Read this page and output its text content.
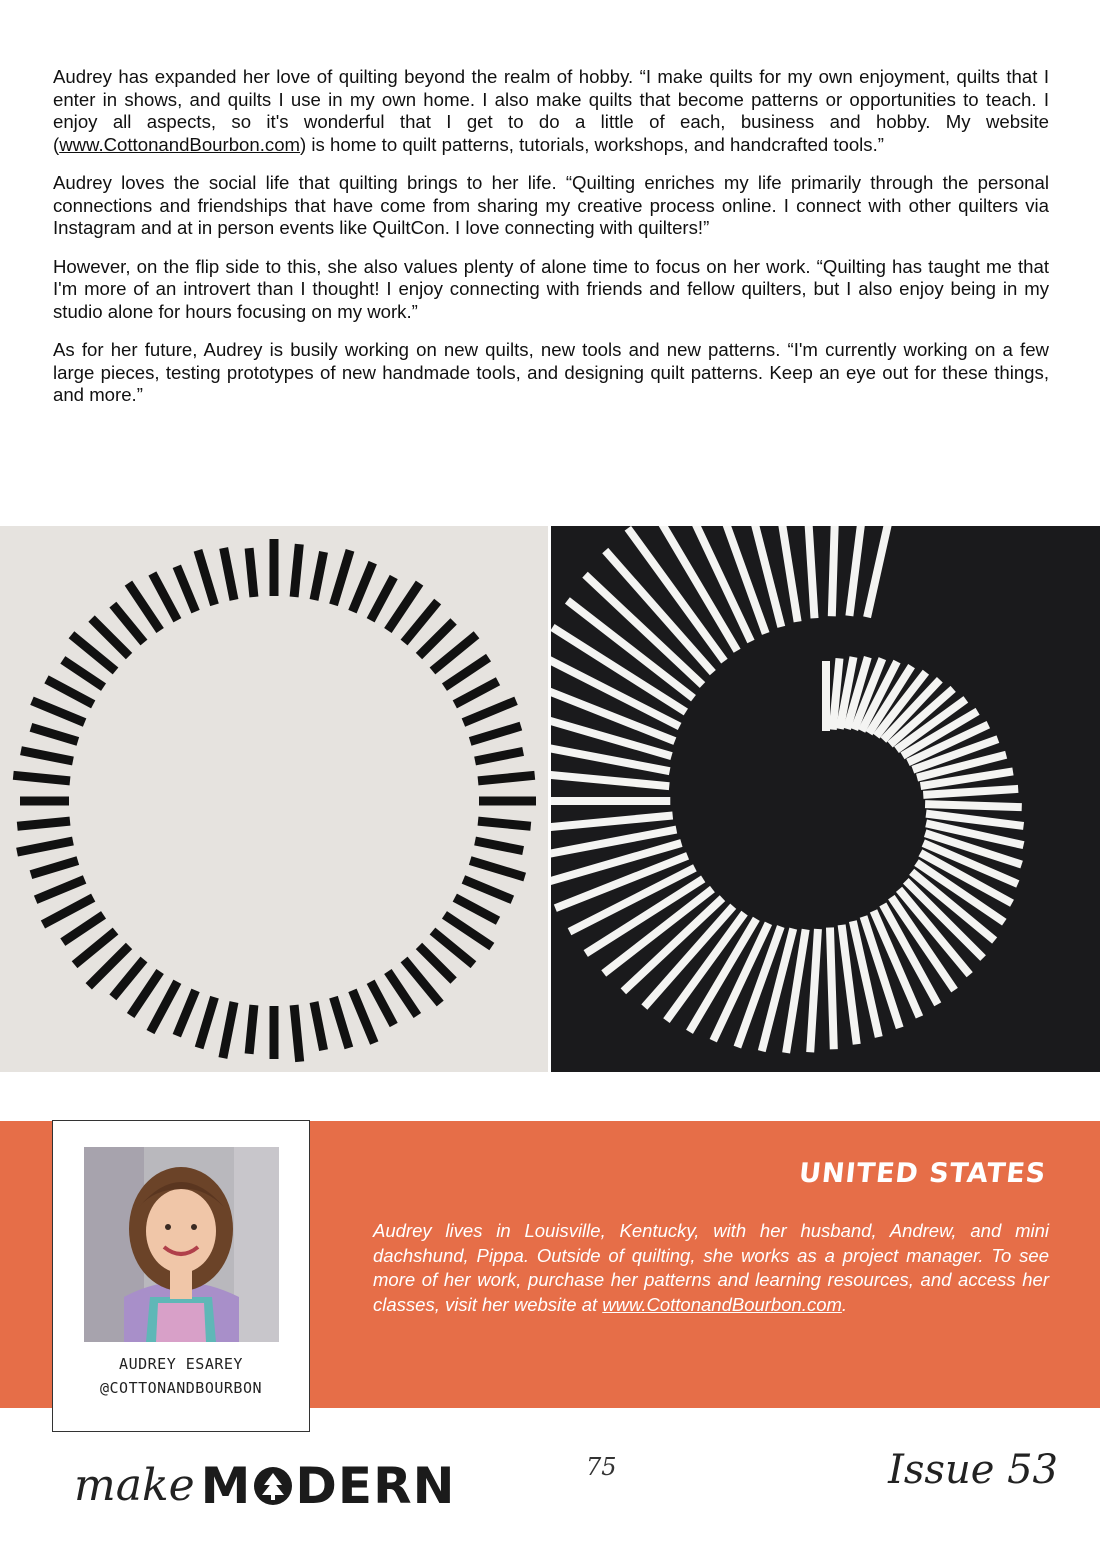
Audrey has expanded her love of quilting beyond the realm of hobby. “I make quilts for my own enjoyment, quilts that I enter in shows, and quilts I use in my own home. I also make quilts that become patterns or opportunities to teach. I enjoy all aspects, so it's wonderful that I get to do a little of each, business and hobby. My website (www.CottonandBourbon.com) is home to quilt patterns, tutorials, workshops, and handcrafted tools.”

Audrey loves the social life that quilting brings to her life. “Quilting enriches my life primarily through the personal connections and friendships that have come from sharing my creative process online. I connect with other quilters via Instagram and at in person events like QuiltCon. I love connecting with quilters!”

However, on the flip side to this, she also values plenty of alone time to focus on her work. “Quilting has taught me that I'm more of an introvert than I thought! I enjoy connecting with friends and fellow quilters, but I also enjoy being in my studio alone for hours focusing on my work.”

As for her future, Audrey is busily working on new quilts, new tools and new patterns. “I'm currently working on a few large pieces, testing prototypes of new handmade tools, and designing quilt patterns. Keep an eye out for these things, and more.”

UNITED STATES
Audrey lives in Louisville, Kentucky, with her husband, Andrew, and mini dachshund, Pippa. Outside of quilting, she works as a project manager. To see more of her work, purchase her patterns and learning resources, and access her classes, visit her website at www.CottonandBourbon.com.
AUDREY ESAREY
@COTTONANDBOURBON
make M DERN	75	Issue 53
